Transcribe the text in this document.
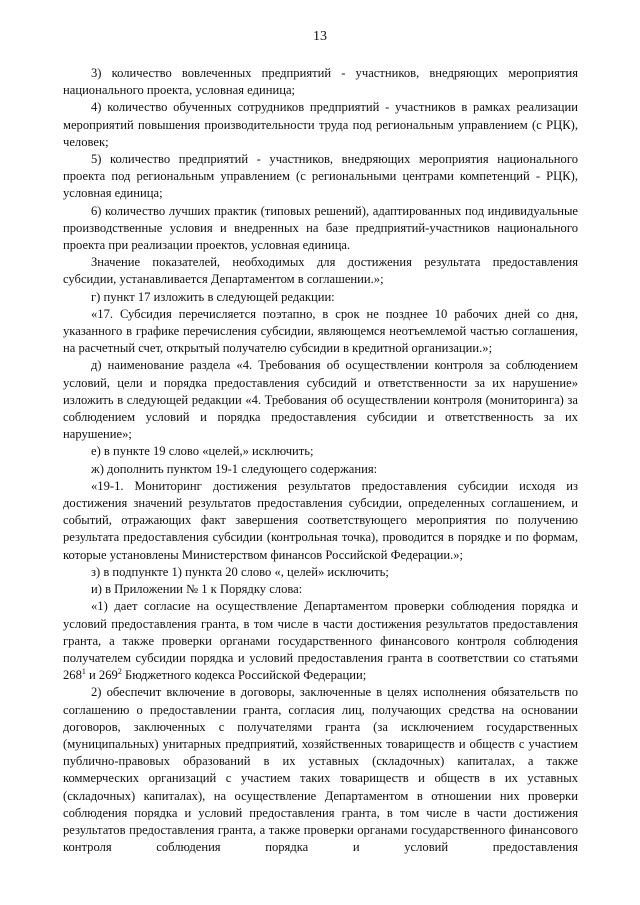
13

3) количество вовлеченных предприятий - участников, внедряющих мероприятия национального проекта, условная единица;

4) количество обученных сотрудников предприятий - участников в рамках реализации мероприятий повышения производительности труда под региональным управлением (с РЦК), человек;

5) количество предприятий - участников, внедряющих мероприятия национального проекта под региональным управлением (с региональными центрами компетенций - РЦК), условная единица;

6) количество лучших практик (типовых решений), адаптированных под индивидуальные производственные условия и внедренных на базе предприятий-участников национального проекта при реализации проектов, условная единица.

Значение показателей, необходимых для достижения результата предоставления субсидии, устанавливается Департаментом в соглашении.»;

г) пункт 17 изложить в следующей редакции:

«17. Субсидия перечисляется поэтапно, в срок не позднее 10 рабочих дней со дня, указанного в графике перечисления субсидии, являющемся неотъемлемой частью соглашения, на расчетный счет, открытый получателю субсидии в кредитной организации.»;

д) наименование раздела «4. Требования об осуществлении контроля за соблюдением условий, цели и порядка предоставления субсидий и ответственности за их нарушение» изложить в следующей редакции «4. Требования об осуществлении контроля (мониторинга) за соблюдением условий и порядка предоставления субсидии и ответственность за их нарушение»;

е) в пункте 19 слово «целей,» исключить;

ж) дополнить пунктом 19-1 следующего содержания:

«19-1. Мониторинг достижения результатов предоставления субсидии исходя из достижения значений результатов предоставления субсидии, определенных соглашением, и событий, отражающих факт завершения соответствующего мероприятия по получению результата предоставления субсидии (контрольная точка), проводится в порядке и по формам, которые установлены Министерством финансов Российской Федерации.»;

з) в подпункте 1) пункта 20 слово «, целей» исключить;

и) в Приложении № 1 к Порядку слова:

«1) дает согласие на осуществление Департаментом проверки соблюдения порядка и условий предоставления гранта, в том числе в части достижения результатов предоставления гранта, а также проверки органами государственного финансового контроля соблюдения получателем субсидии порядка и условий предоставления гранта в соответствии со статьями $268^1$ и $269^2$ Бюджетного кодекса Российской Федерации;

2) обеспечит включение в договоры, заключенные в целях исполнения обязательств по соглашению о предоставлении гранта, согласия лиц, получающих средства на основании договоров, заключенных с получателями гранта (за исключением государственных (муниципальных) унитарных предприятий, хозяйственных товариществ и обществ с участием публично-правовых образований в их уставных (складочных) капиталах, а также коммерческих организаций с участием таких товариществ и обществ в их уставных (складочных) капиталах), на осуществление Департаментом в отношении них проверки соблюдения порядка и условий предоставления гранта, в том числе в части достижения результатов предоставления гранта, а также проверки органами государственного финансового контроля соблюдения порядка и условий предоставления
